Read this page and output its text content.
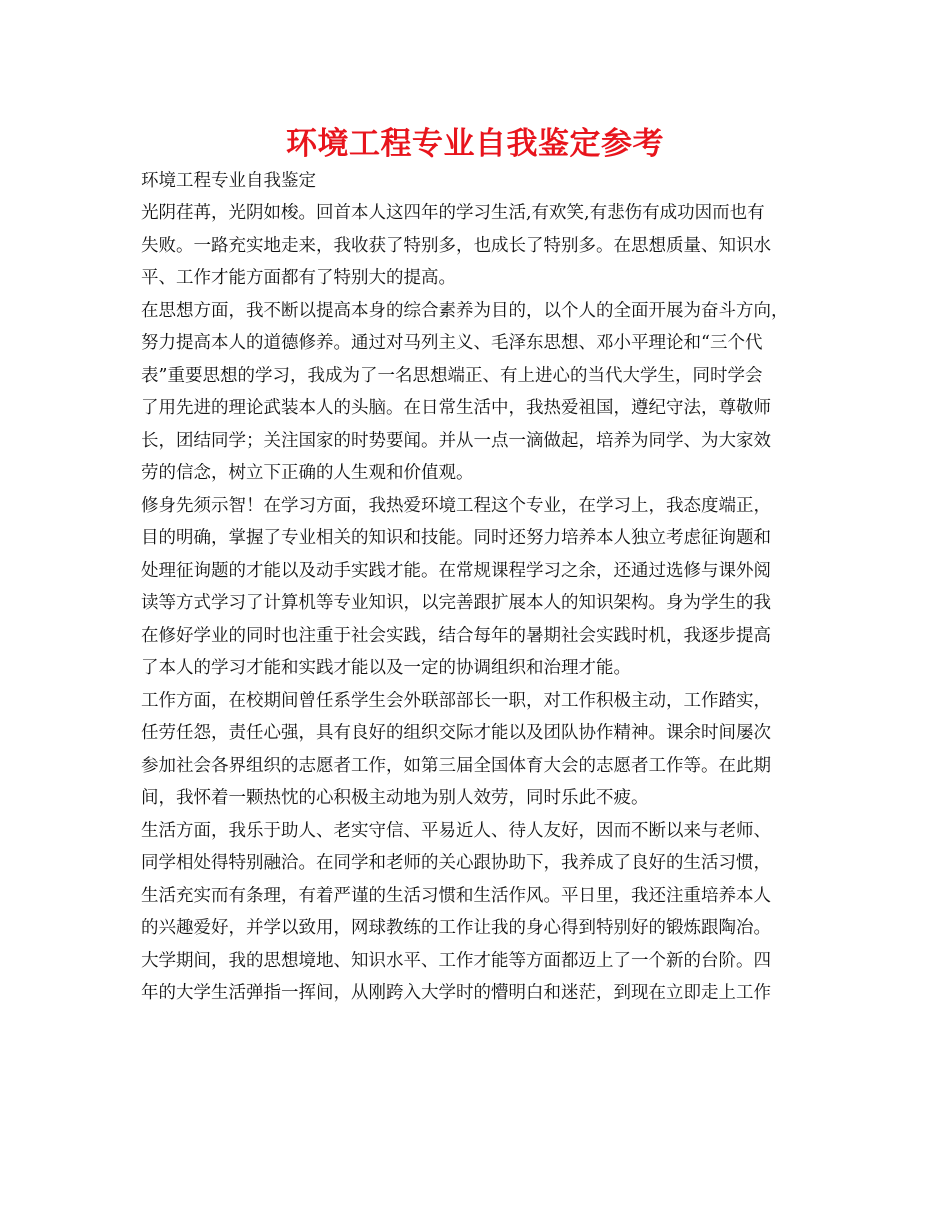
环境工程专业自我鉴定参考
环境工程专业自我鉴定
光阴荏苒，光阴如梭。回首本人这四年的学习生活,有欢笑,有悲伤有成功因而也有
失败。一路充实地走来，我收获了特别多，也成长了特别多。在思想质量、知识水
平、工作才能方面都有了特别大的提高。
在思想方面，我不断以提高本身的综合素养为目的，以个人的全面开展为奋斗方向，
努力提高本人的道德修养。通过对马列主义、毛泽东思想、邓小平理论和“三个代
表”重要思想的学习，我成为了一名思想端正、有上进心的当代大学生，同时学会
了用先进的理论武装本人的头脑。在日常生活中，我热爱祖国，遵纪守法，尊敬师
长，团结同学；关注国家的时势要闻。并从一点一滴做起，培养为同学、为大家效
劳的信念，树立下正确的人生观和价值观。
修身先须示智！在学习方面，我热爱环境工程这个专业，在学习上，我态度端正，
目的明确，掌握了专业相关的知识和技能。同时还努力培养本人独立考虑征询题和
处理征询题的才能以及动手实践才能。在常规课程学习之余，还通过选修与课外阅
读等方式学习了计算机等专业知识，以完善跟扩展本人的知识架构。身为学生的我
在修好学业的同时也注重于社会实践，结合每年的暑期社会实践时机，我逐步提高
了本人的学习才能和实践才能以及一定的协调组织和治理才能。
工作方面，在校期间曾任系学生会外联部部长一职，对工作积极主动，工作踏实，
任劳任怨，责任心强，具有良好的组织交际才能以及团队协作精神。课余时间屡次
参加社会各界组织的志愿者工作，如第三届全国体育大会的志愿者工作等。在此期
间，我怀着一颗热忱的心积极主动地为别人效劳，同时乐此不疲。
生活方面，我乐于助人、老实守信、平易近人、待人友好，因而不断以来与老师、
同学相处得特别融洽。在同学和老师的关心跟协助下，我养成了良好的生活习惯，
生活充实而有条理，有着严谨的生活习惯和生活作风。平日里，我还注重培养本人
的兴趣爱好，并学以致用，网球教练的工作让我的身心得到特别好的锻炼跟陶冶。
大学期间，我的思想境地、知识水平、工作才能等方面都迈上了一个新的台阶。四
年的大学生活弹指一挥间，从刚跨入大学时的懵明白和迷茫，到现在立即走上工作
